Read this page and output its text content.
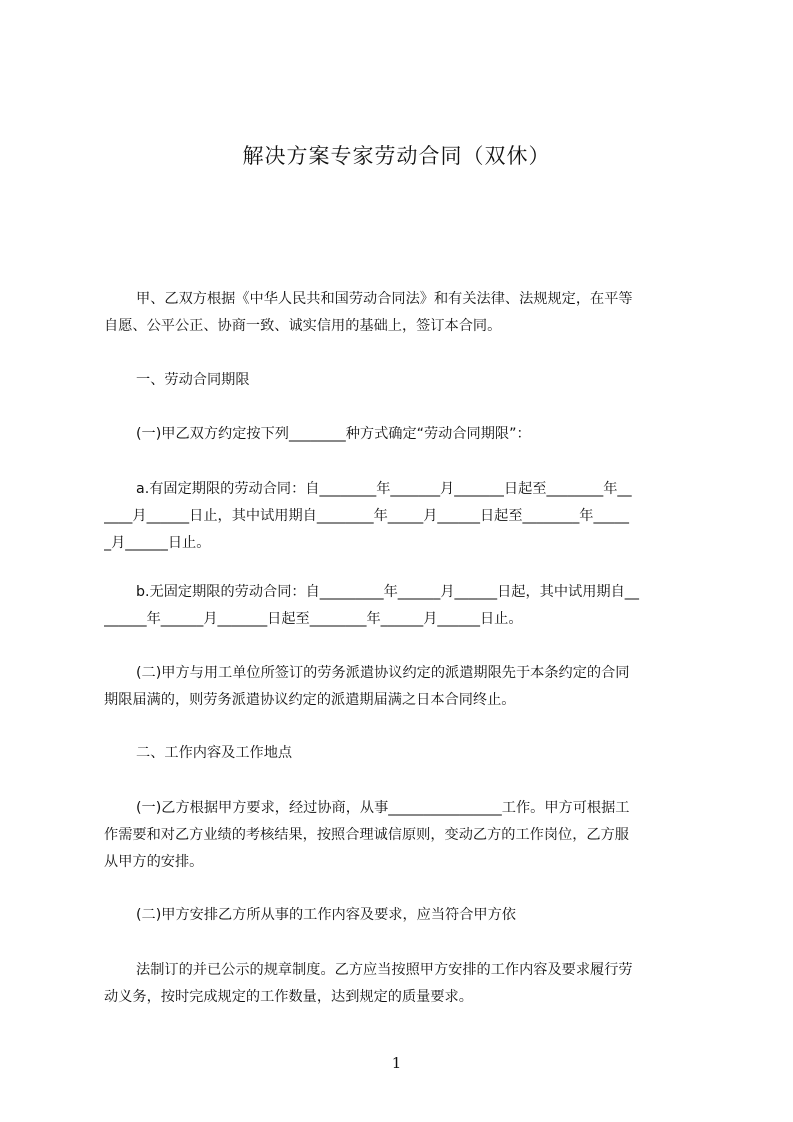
解决方案专家劳动合同（双休）
甲、乙双方根据《中华人民共和国劳动合同法》和有关法律、法规规定，在平等
自愿、公平公正、协商一致、诚实信用的基础上，签订本合同。
一、劳动合同期限
(一)甲乙双方约定按下列________种方式确定“劳动合同期限”：
a.有固定期限的劳动合同：自________年_______月_______日起至________年__
____月______日止，其中试用期自________年_____月______日起至________年_____
_月______日止。
b.无固定期限的劳动合同：自_________年______月______日起，其中试用期自__
______年______月_______日起至________年______月______日止。
(二)甲方与用工单位所签订的劳务派遣协议约定的派遣期限先于本条约定的合同
期限届满的，则劳务派遣协议约定的派遣期届满之日本合同终止。
二、工作内容及工作地点
(一)乙方根据甲方要求，经过协商，从事________________工作。甲方可根据工
作需要和对乙方业绩的考核结果，按照合理诚信原则，变动乙方的工作岗位，乙方服
从甲方的安排。
(二)甲方安排乙方所从事的工作内容及要求，应当符合甲方依
法制订的并已公示的规章制度。乙方应当按照甲方安排的工作内容及要求履行劳
动义务，按时完成规定的工作数量，达到规定的质量要求。
1
